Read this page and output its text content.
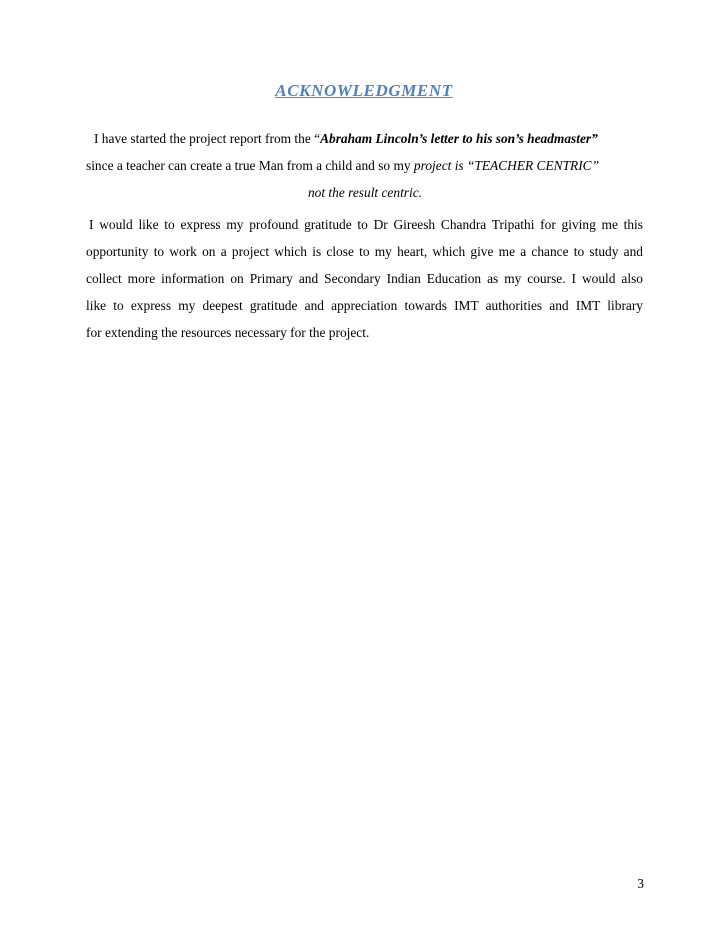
ACKNOWLEDGMENT
I have started the project report from the “Abraham Lincoln’s letter to his son’s headmaster”
since a teacher can create a true Man from a child and so my project is “TEACHER CENTRIC”
not the result centric.
I would like to express my profound gratitude to Dr Gireesh Chandra Tripathi for giving me this
opportunity to work on a project which is close to my heart, which give me a chance to study and
collect more information on Primary and Secondary Indian Education as my course. I would also
like to express my deepest gratitude and appreciation towards IMT authorities and IMT library
for extending the resources necessary for the project.
3
